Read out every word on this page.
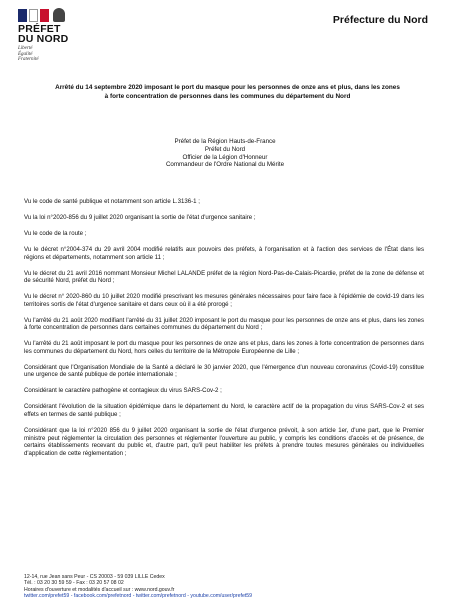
PRÉFET
DU NORD
Liberté
Égalité
Fraternité
Préfecture du Nord
Arrêté du 14 septembre 2020 imposant le port du masque pour les personnes de onze ans et plus, dans les zones à forte concentration de personnes dans les communes du département du Nord
Préfet de la Région Hauts-de-France
Préfet du Nord
Officier de la Légion d'Honneur
Commandeur de l'Ordre National du Mérite

Vu le code de santé publique et notamment son article L.3136-1 ;

Vu la loi n°2020-856 du 9 juillet 2020 organisant la sortie de l'état d'urgence sanitaire ;

Vu le code de la route ;

Vu le décret n°2004-374 du 29 avril 2004 modifié relatifs aux pouvoirs des préfets, à l'organisation et à l'action des services de l'État dans les régions et départements, notamment son article 11 ;

Vu le décret du 21 avril 2016 nommant Monsieur Michel LALANDE préfet de la région Nord-Pas-de-Calais-Picardie, préfet de la zone de défense et de sécurité Nord, préfet du Nord ;

Vu le décret n° 2020-860 du 10 juillet 2020 modifié prescrivant les mesures générales nécessaires pour faire face à l'épidémie de covid-19 dans les territoires sortis de l'état d'urgence sanitaire et dans ceux où il a été prorogé ;

Vu l'arrêté du 21 août 2020 modifiant l'arrêté du 31 juillet 2020 imposant le port du masque pour les personnes de onze ans et plus, dans les zones à forte concentration de personnes dans certaines communes du département du Nord ;

Vu l'arrêté du 21 août imposant le port du masque pour les personnes de onze ans et plus, dans les zones à forte concentration de personnes dans les communes du département du Nord, hors celles du territoire de la Métropole Européenne de Lille ;

Considérant que l'Organisation Mondiale de la Santé a déclaré le 30 janvier 2020, que l'émergence d'un nouveau coronavirus (Covid-19) constitue une urgence de santé publique de portée internationale ;

Considérant le caractère pathogène et contagieux du virus SARS-Cov-2 ;

Considérant l'évolution de la situation épidémique dans le département du Nord, le caractère actif de la propagation du virus SARS-Cov-2 et ses effets en termes de santé publique ;

Considérant que la loi n°2020 856 du 9 juillet 2020 organisant la sortie de l'état d'urgence prévoit, à son article 1er, d'une part, que le Premier ministre peut réglementer la circulation des personnes et réglementer l'ouverture au public, y compris les conditions d'accès et de présence, de certains établissements recevant du public et, d'autre part, qu'il peut habiliter les préfets à prendre toutes mesures générales ou individuelles d'application de cette réglementation ;

12-14, rue Jean sans Peur - CS 20003 - 59 039 LILLE Cedex
Tél. : 03 20 30 59 59 - Fax : 03 20 57 08 02
Horaires d'ouverture et modalités d'accueil sur : www.nord.gouv.fr
twitter.com/prefet59 - facebook.com/prefetnord - twitter.com/prefetnord - youtube.com/user/prefet59
